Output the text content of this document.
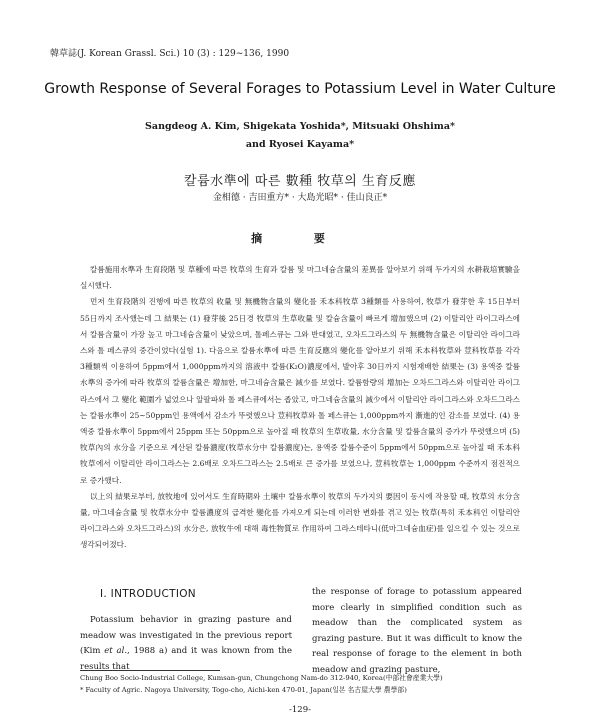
韓草誌(J. Korean Grassl. Sci.) 10 (3) : 129∼136, 1990
Growth Response of Several Forages to Potassium Level in Water Culture
Sangdeog A. Kim, Shigekata Yoshida*, Mitsuaki Ohshima*
and Ryosei Kayama*
칼륨水準에 따른 數種 牧草의 生育反應
金相德 · 吉田重方* · 大島光昭* · 佳山良正*
摘 要

칼륨施用水準과 生育段階 및 草種에 따른 牧草의 生育과 칼륨 및 마그네슘含量의 差異를 알아보기 위해 두가지의 水耕栽培實驗을 실시했다.

먼저 生育段階의 진행에 따른 牧草의 收量 및 無機物含量의 變化를 禾本科牧草 3種類를 사용하여, 牧草가 發芽한 후 15日부터 55日까지 조사했는데 그 結果는 (1) 發芽後 25日경 牧草의 生草收量 및 칼슘含量이 빠르게 增加했으며 (2) 이탈리안 라이그라스에서 칼륨含量이 가장 높고 마그네슘含量이 낮았으며, 톨페스큐는 그와 반대였고, 오차드그라스의 두 無機物含量은 이탈리안 라이그라스와 톨 페스큐의 중간이었다(실험 1). 다음으로 칼륨水準에 따른 生育反應의 變化를 알아보기 위해 禾本科牧草와 荳科牧草를 각각 3種類씩 이용하여 5ppm에서 1,000ppm까지의 溶液中 칼륨(K₂O)濃度에서, 발아후 30日까지 시험재배한 結果는 (3) 용액중 칼륨水準의 증가에 따라 牧草의 칼륨含量은 增加한, 마그네슘含量은 減少를 보였다. 칼륨함량의 增加는 오차드그라스와 이탈리안 라이그라스에서 그 變化 範圍가 넓었으나 알팔파와 톨 페스큐에서는 좁았고, 마그네슘含量의 減少에서 이탈리안 라이그라스와 오차드그라스는 칼륨水準이 25∼50ppm인 용액에서 감소가 뚜렷했으나 荳科牧草와 톨 페스큐는 1,000ppm까지 漸進的인 감소를 보였다. (4) 용액중 칼륨水準이 5ppm에서 25ppm 또는 50ppm으로 높아질 때 牧草의 生草收量, 水分含量 및 칼륨含量의 증가가 뚜렷했으며 (5) 牧草內의 水分을 기준으로 계산된 칼륨濃度(牧草水分中 칼륨濃度)는, 용액중 칼륨수준이 5ppm에서 50ppm으로 높아질 때 禾本科牧草에서 이탈리안 라이그라스는 2.6배로 오차드그라스는 2.5배로 큰 증가를 보였으나, 荳科牧草는 1,000ppm 수준까지 점진적으로 증가했다.

以上의 結果로부터, 放牧地에 있어서도 生育時期와 土壤中 칼륨水準이 牧草의 두가지의 要因이 동시에 작용할 때, 牧草의 水分含量, 마그네슘含量 및 牧草水分中 칼륨濃度의 급격한 變化를 가져오게 되는데 이러한 변화를 겪고 있는 牧草(특히 禾本科인 이탈리안 라이그라스와 오차드그라스)의 水分은, 放牧牛에 대해 毒性物質로 作用하여 그라스테타니(低마그네슘血症)를 일으킬 수 있는 것으로 생각되어졌다.

Ⅰ. INTRODUCTION

Potassium behavior in grazing pasture and meadow was investigated in the previous report (Kim et al., 1988 a) and it was known from the results that

the response of forage to potassium appeared more clearly in simplified condition such as meadow than the complicated system as grazing pasture. But it was difficult to know the real response of forage to the element in both meadow and grazing pasture,

Chung Boo Socio-Industrial College, Kumsan-gun, Chungchong Nam-do 312-940, Korea(中部社會産業大學)
* Faculty of Agric. Nagoya University, Togo-cho, Aichi-ken 470-01, Japan(일본 名古屋大學 農學部)
-129-
